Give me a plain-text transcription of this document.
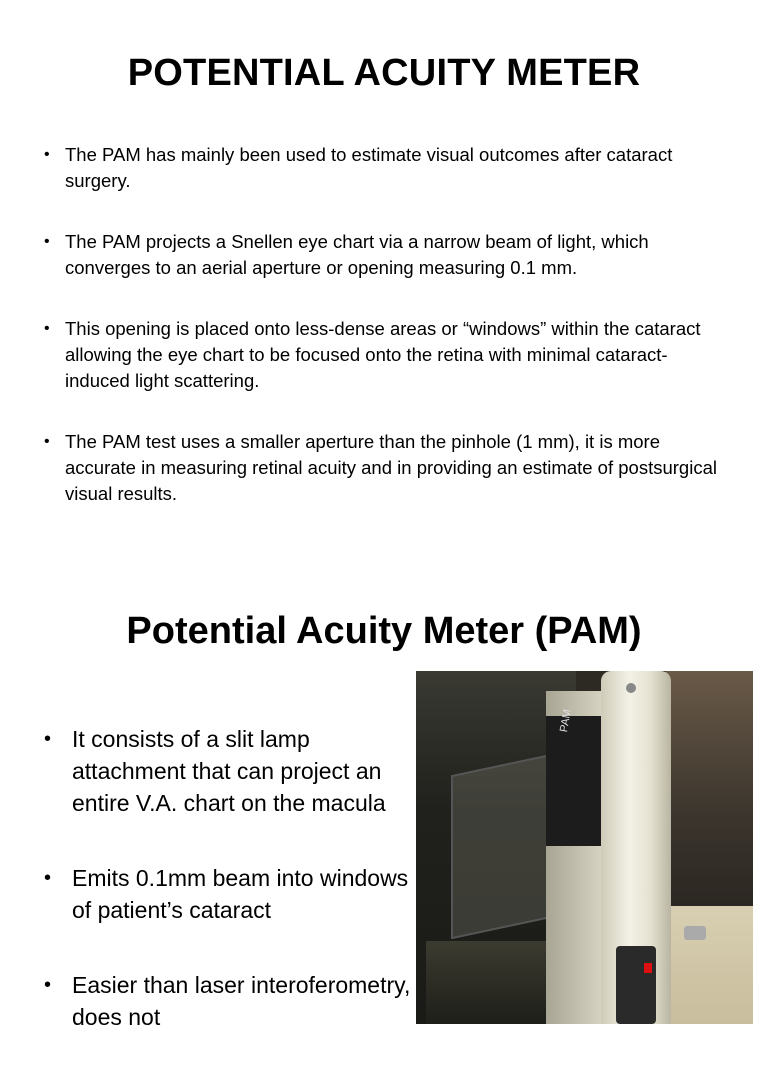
POTENTIAL ACUITY METER
• The PAM has mainly been used to estimate visual outcomes after cataract surgery.
• The PAM projects a Snellen eye chart via a narrow beam of light, which converges to an aerial aperture or opening measuring 0.1 mm.
• This opening is placed onto less-dense areas or “windows” within the cataract allowing the eye chart to be focused onto the retina with minimal cataract-induced light scattering.
• The PAM test uses a smaller aperture than the pinhole (1 mm), it is more accurate in measuring retinal acuity and in providing an estimate of postsurgical visual results.
Potential Acuity Meter (PAM)
• It consists of a slit lamp attachment that can project an entire V.A. chart on the macula
• Emits 0.1mm beam into windows of patient’s cataract
• Easier than laser interoferometry, does not
PAM
